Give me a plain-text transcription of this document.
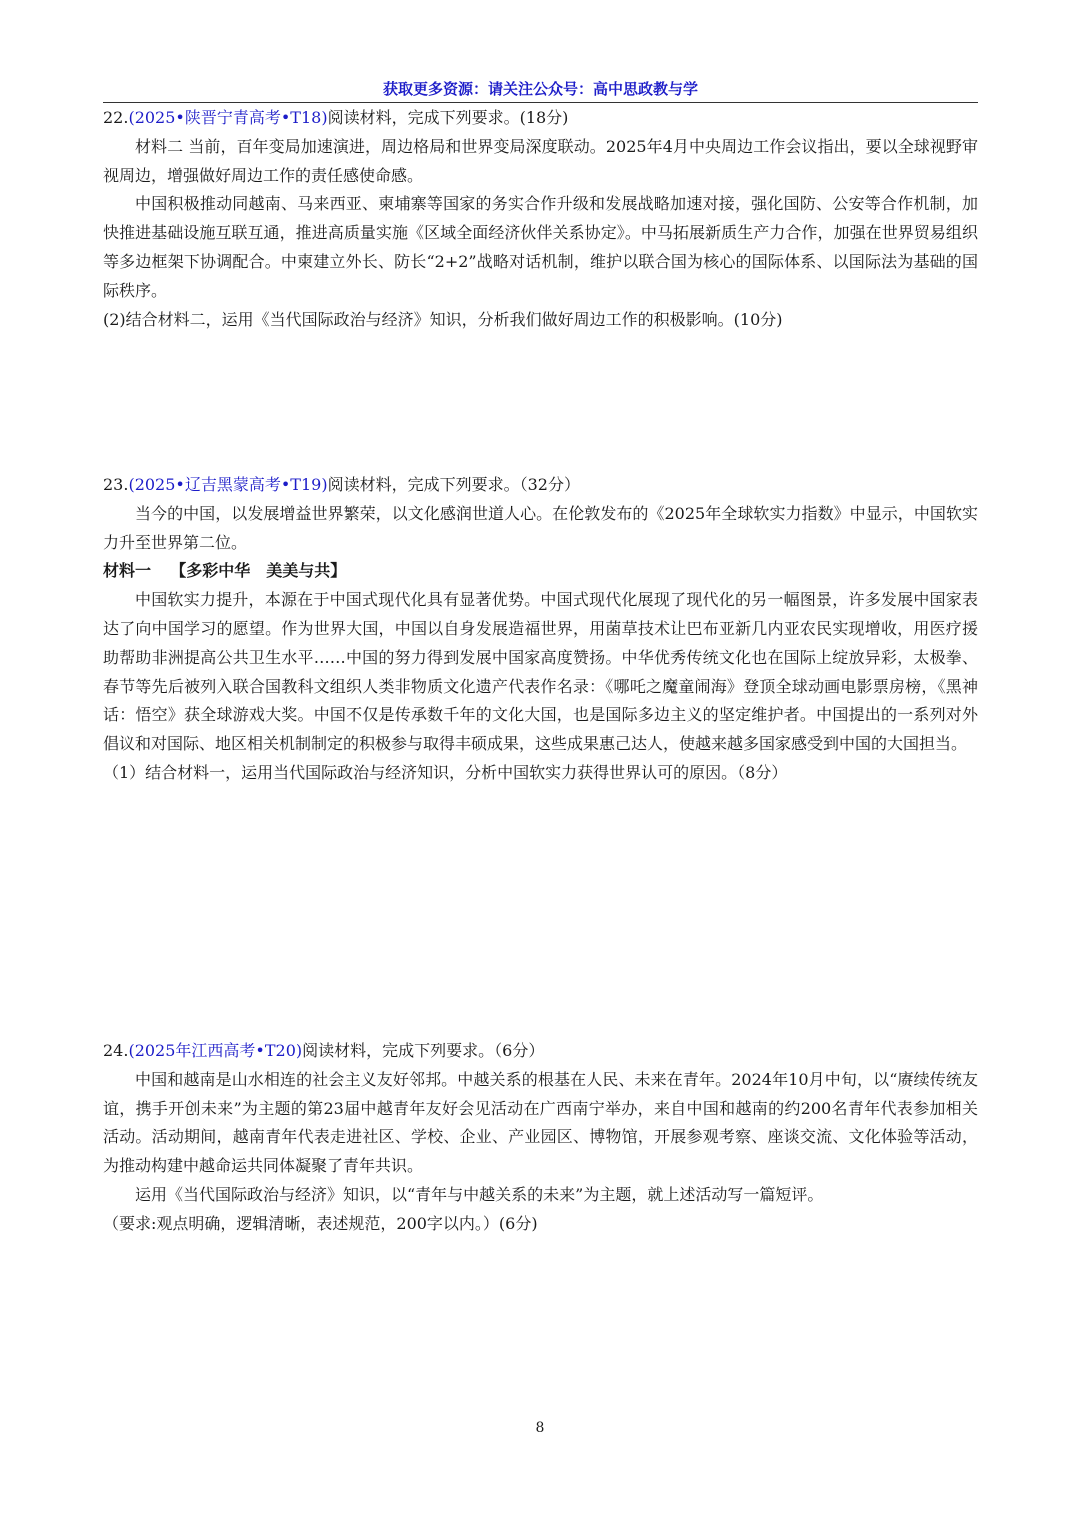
获取更多资源：请关注公众号：高中思政教与学

22.(2025•陕晋宁青高考•T18)阅读材料，完成下列要求。(18分)

材料二 当前，百年变局加速演进，周边格局和世界变局深度联动。2025年4月中央周边工作会议指出，要以全球视野审视周边，增强做好周边工作的责任感使命感。

中国积极推动同越南、马来西亚、柬埔寨等国家的务实合作升级和发展战略加速对接，强化国防、公安等合作机制，加快推进基础设施互联互通，推进高质量实施《区域全面经济伙伴关系协定》。中马拓展新质生产力合作，加强在世界贸易组织等多边框架下协调配合。中柬建立外长、防长“2+2”战略对话机制，维护以联合国为核心的国际体系、以国际法为基础的国际秩序。

(2)结合材料二，运用《当代国际政治与经济》知识，分析我们做好周边工作的积极影响。(10分)

23.(2025•辽吉黑蒙高考•T19)阅读材料，完成下列要求。（32分）

当今的中国，以发展增益世界繁荣，以文化感润世道人心。在伦敦发布的《2025年全球软实力指数》中显示，中国软实力升至世界第二位。

材料一 【多彩中华　美美与共】

中国软实力提升，本源在于中国式现代化具有显著优势。中国式现代化展现了现代化的另一幅图景，许多发展中国家表达了向中国学习的愿望。作为世界大国，中国以自身发展造福世界，用菌草技术让巴布亚新几内亚农民实现增收，用医疗援助帮助非洲提高公共卫生水平……中国的努力得到发展中国家高度赞扬。中华优秀传统文化也在国际上绽放异彩，太极拳、春节等先后被列入联合国教科文组织人类非物质文化遗产代表作名录：《哪吒之魔童闹海》登顶全球动画电影票房榜，《黑神话：悟空》获全球游戏大奖。中国不仅是传承数千年的文化大国，也是国际多边主义的坚定维护者。中国提出的一系列对外倡议和对国际、地区相关机制制定的积极参与取得丰硕成果，这些成果惠己达人，使越来越多国家感受到中国的大国担当。

（1）结合材料一，运用当代国际政治与经济知识，分析中国软实力获得世界认可的原因。（8分）

24.(2025年江西高考•T20)阅读材料，完成下列要求。（6分）

中国和越南是山水相连的社会主义友好邻邦。中越关系的根基在人民、未来在青年。2024年10月中旬，以“赓续传统友谊，携手开创未来”为主题的第23届中越青年友好会见活动在广西南宁举办，来自中国和越南的约200名青年代表参加相关活动。活动期间，越南青年代表走进社区、学校、企业、产业园区、博物馆，开展参观考察、座谈交流、文化体验等活动，为推动构建中越命运共同体凝聚了青年共识。

运用《当代国际政治与经济》知识，以“青年与中越关系的未来”为主题，就上述活动写一篇短评。

（要求:观点明确，逻辑清晰，表述规范，200字以内。）(6分)

8
